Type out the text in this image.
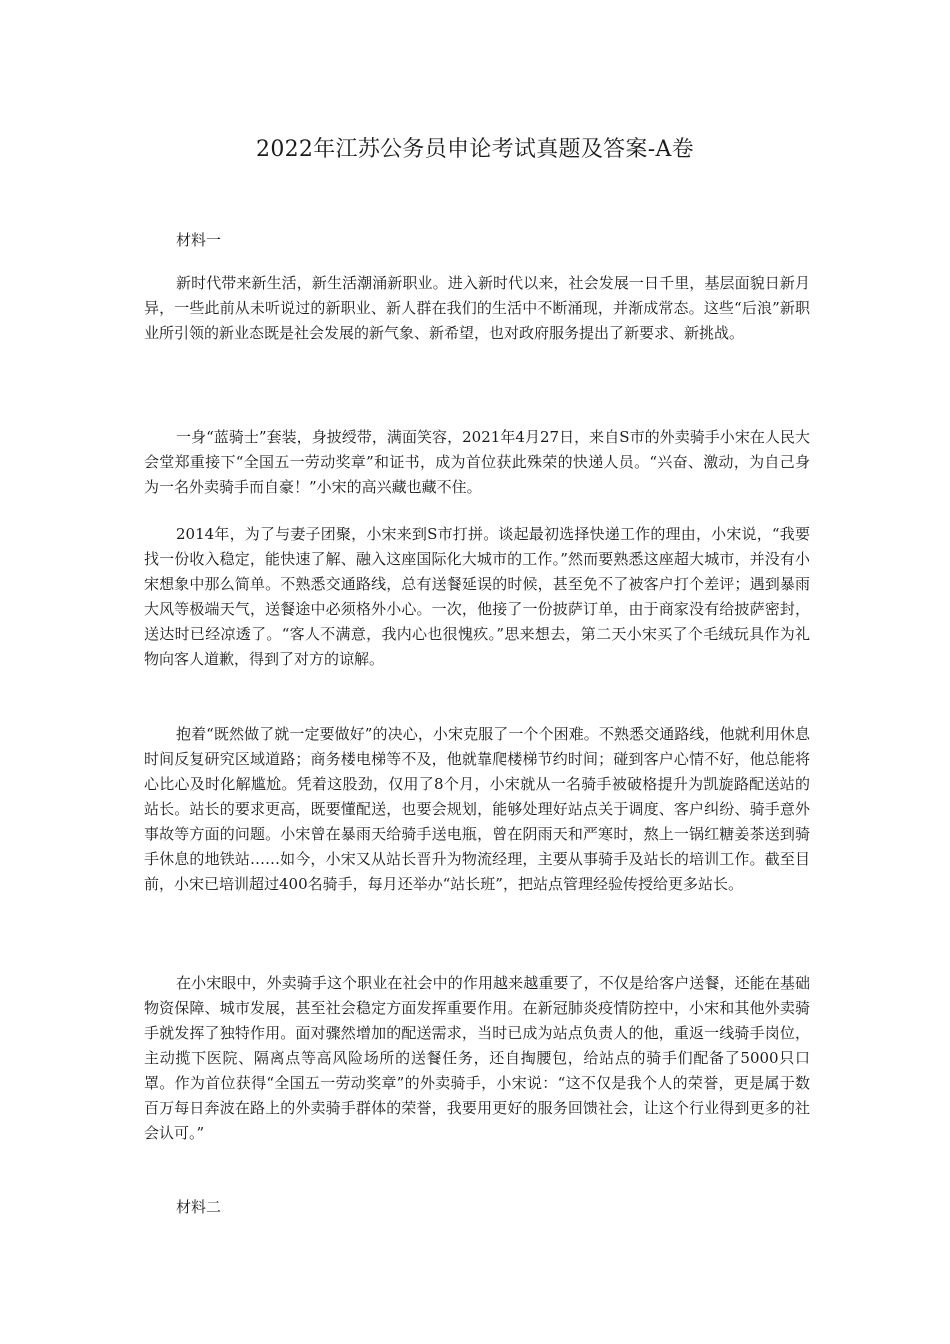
2022年江苏公务员申论考试真题及答案-A卷
材料一

新时代带来新生活，新生活潮涌新职业。进入新时代以来，社会发展一日千里，基层面貌日新月异，一些此前从未听说过的新职业、新人群在我们的生活中不断涌现，并渐成常态。这些“后浪”新职业所引领的新业态既是社会发展的新气象、新希望，也对政府服务提出了新要求、新挑战。

一身“蓝骑士”套装，身披绶带，满面笑容，2021年4月27日，来自S市的外卖骑手小宋在人民大会堂郑重接下“全国五一劳动奖章”和证书，成为首位获此殊荣的快递人员。“兴奋、激动，为自己身为一名外卖骑手而自豪！”小宋的高兴藏也藏不住。

2014年，为了与妻子团聚，小宋来到S市打拼。谈起最初选择快递工作的理由，小宋说，“我要找一份收入稳定，能快速了解、融入这座国际化大城市的工作。”然而要熟悉这座超大城市，并没有小宋想象中那么简单。不熟悉交通路线，总有送餐延误的时候，甚至免不了被客户打个差评；遇到暴雨大风等极端天气，送餐途中必须格外小心。一次，他接了一份披萨订单，由于商家没有给披萨密封，送达时已经凉透了。“客人不满意，我内心也很愧疚。”思来想去，第二天小宋买了个毛绒玩具作为礼物向客人道歉，得到了对方的谅解。

抱着“既然做了就一定要做好”的决心，小宋克服了一个个困难。不熟悉交通路线，他就利用休息时间反复研究区域道路；商务楼电梯等不及，他就靠爬楼梯节约时间；碰到客户心情不好，他总能将心比心及时化解尴尬。凭着这股劲，仅用了8个月，小宋就从一名骑手被破格提升为凯旋路配送站的站长。站长的要求更高，既要懂配送，也要会规划，能够处理好站点关于调度、客户纠纷、骑手意外事故等方面的问题。小宋曾在暴雨天给骑手送电瓶，曾在阴雨天和严寒时，熬上一锅红糖姜茶送到骑手休息的地铁站……如今，小宋又从站长晋升为物流经理，主要从事骑手及站长的培训工作。截至目前，小宋已培训超过400名骑手，每月还举办“站长班”，把站点管理经验传授给更多站长。

在小宋眼中，外卖骑手这个职业在社会中的作用越来越重要了，不仅是给客户送餐，还能在基础物资保障、城市发展，甚至社会稳定方面发挥重要作用。在新冠肺炎疫情防控中，小宋和其他外卖骑手就发挥了独特作用。面对骤然增加的配送需求，当时已成为站点负责人的他，重返一线骑手岗位，主动揽下医院、隔离点等高风险场所的送餐任务，还自掏腰包，给站点的骑手们配备了5000只口罩。作为首位获得“全国五一劳动奖章”的外卖骑手，小宋说：“这不仅是我个人的荣誉，更是属于数百万每日奔波在路上的外卖骑手群体的荣誉，我要用更好的服务回馈社会，让这个行业得到更多的社会认可。”

材料二
